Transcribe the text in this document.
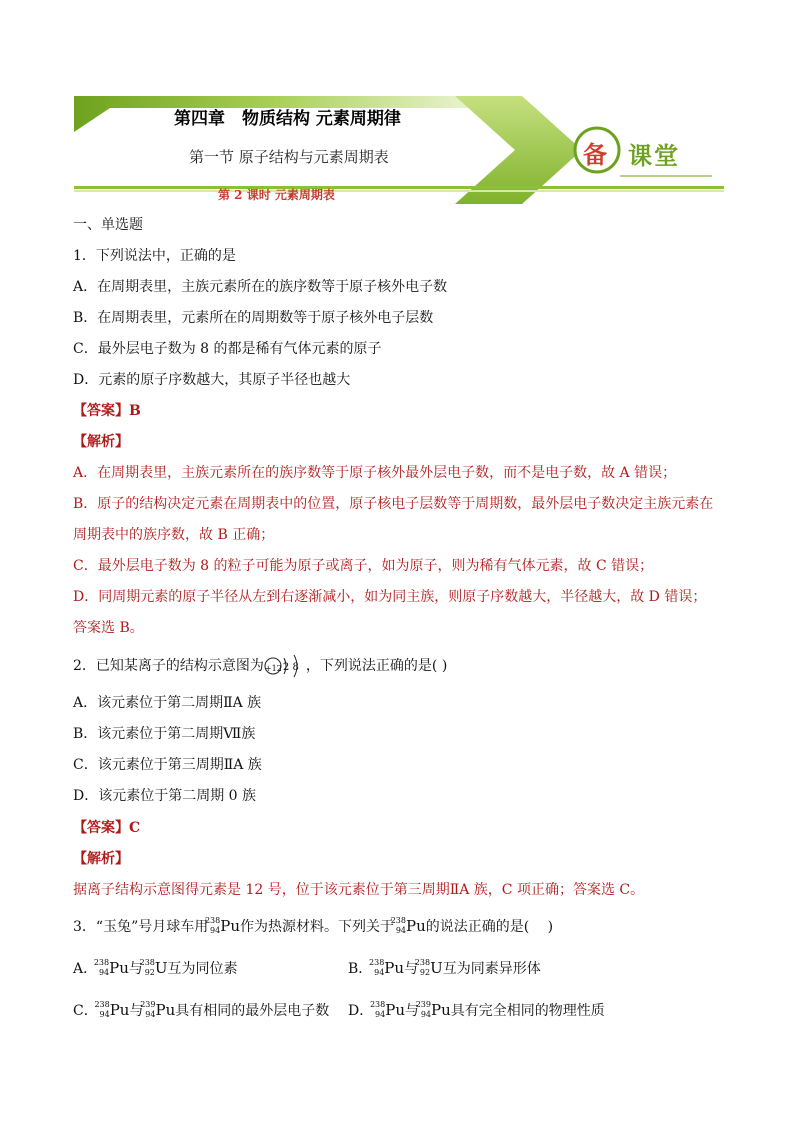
第四章　物质结构 元素周期律
第一节 原子结构与元素周期表
第 2 课时 元素周期表
备 课堂
一、单选题
1．下列说法中，正确的是
A．在周期表里，主族元素所在的族序数等于原子核外电子数
B．在周期表里，元素所在的周期数等于原子核外电子层数
C．最外层电子数为 8 的都是稀有气体元素的原子
D．元素的原子序数越大，其原子半径也越大
【答案】B
【解析】
A．在周期表里，主族元素所在的族序数等于原子核外最外层电子数，而不是电子数，故 A 错误；
B．原子的结构决定元素在周期表中的位置，原子核电子层数等于周期数，最外层电子数决定主族元素在
周期表中的族序数，故 B 正确；
C．最外层电子数为 8 的粒子可能为原子或离子，如为原子，则为稀有气体元素，故 C 错误；
D．同周期元素的原子半径从左到右逐渐减小，如为同主族，则原子序数越大，半径越大，故 D 错误；
答案选 B。
2．已知某离子的结构示意图为 +12 2 8 ，下列说法正确的是( )
A．该元素位于第二周期ⅡA 族
B．该元素位于第二周期Ⅶ族
C．该元素位于第三周期ⅡA 族
D．该元素位于第二周期 0 族
【答案】C
【解析】
据离子结构示意图得元素是 12 号，位于该元素位于第三周期ⅡA 族，C 项正确；答案选 C。
3．“玉兔”号月球车用
238
94 Pu作为热源材料。下列关于
238
94 Pu的说法正确的是(　 )
A．
238
94 Pu与
238
92 U互为同位素	B．
238
94 Pu与
238
92 U互为同素异形体
C．
238
94 Pu与
239
94 Pu具有相同的最外层电子数 D．
238
94 Pu与
239
94 Pu具有完全相同的物理性质
